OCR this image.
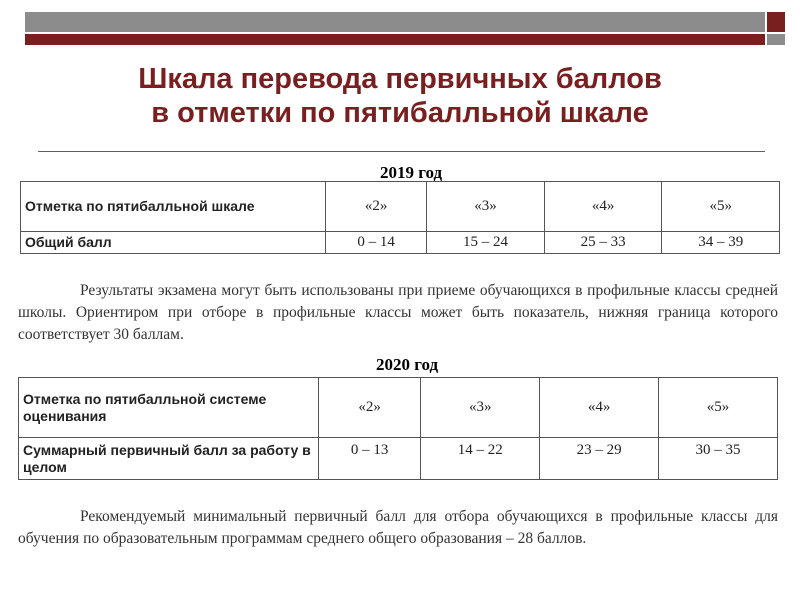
Шкала перевода первичных баллов
в отметки по пятибалльной шкале
2019 год
Отметка по пятибалльной шкале	«2»	«3»	«4»	«5»
Общий балл	0 – 14	15 – 24	25 – 33	34 – 39
Результаты экзамена могут быть использованы при приеме обучающихся в профильные классы средней школы. Ориентиром при отборе в профильные классы может быть показатель, нижняя граница которого соответствует 30 баллам.
2020 год
Отметка по пятибалльной системе оценивания	«2»	«3»	«4»	«5»
Суммарный первичный балл за работу в целом	0 – 13	14 – 22	23 – 29	30 – 35
Рекомендуемый минимальный первичный балл для отбора обучающихся в профильные классы для обучения по образовательным программам среднего общего образования – 28 баллов.
